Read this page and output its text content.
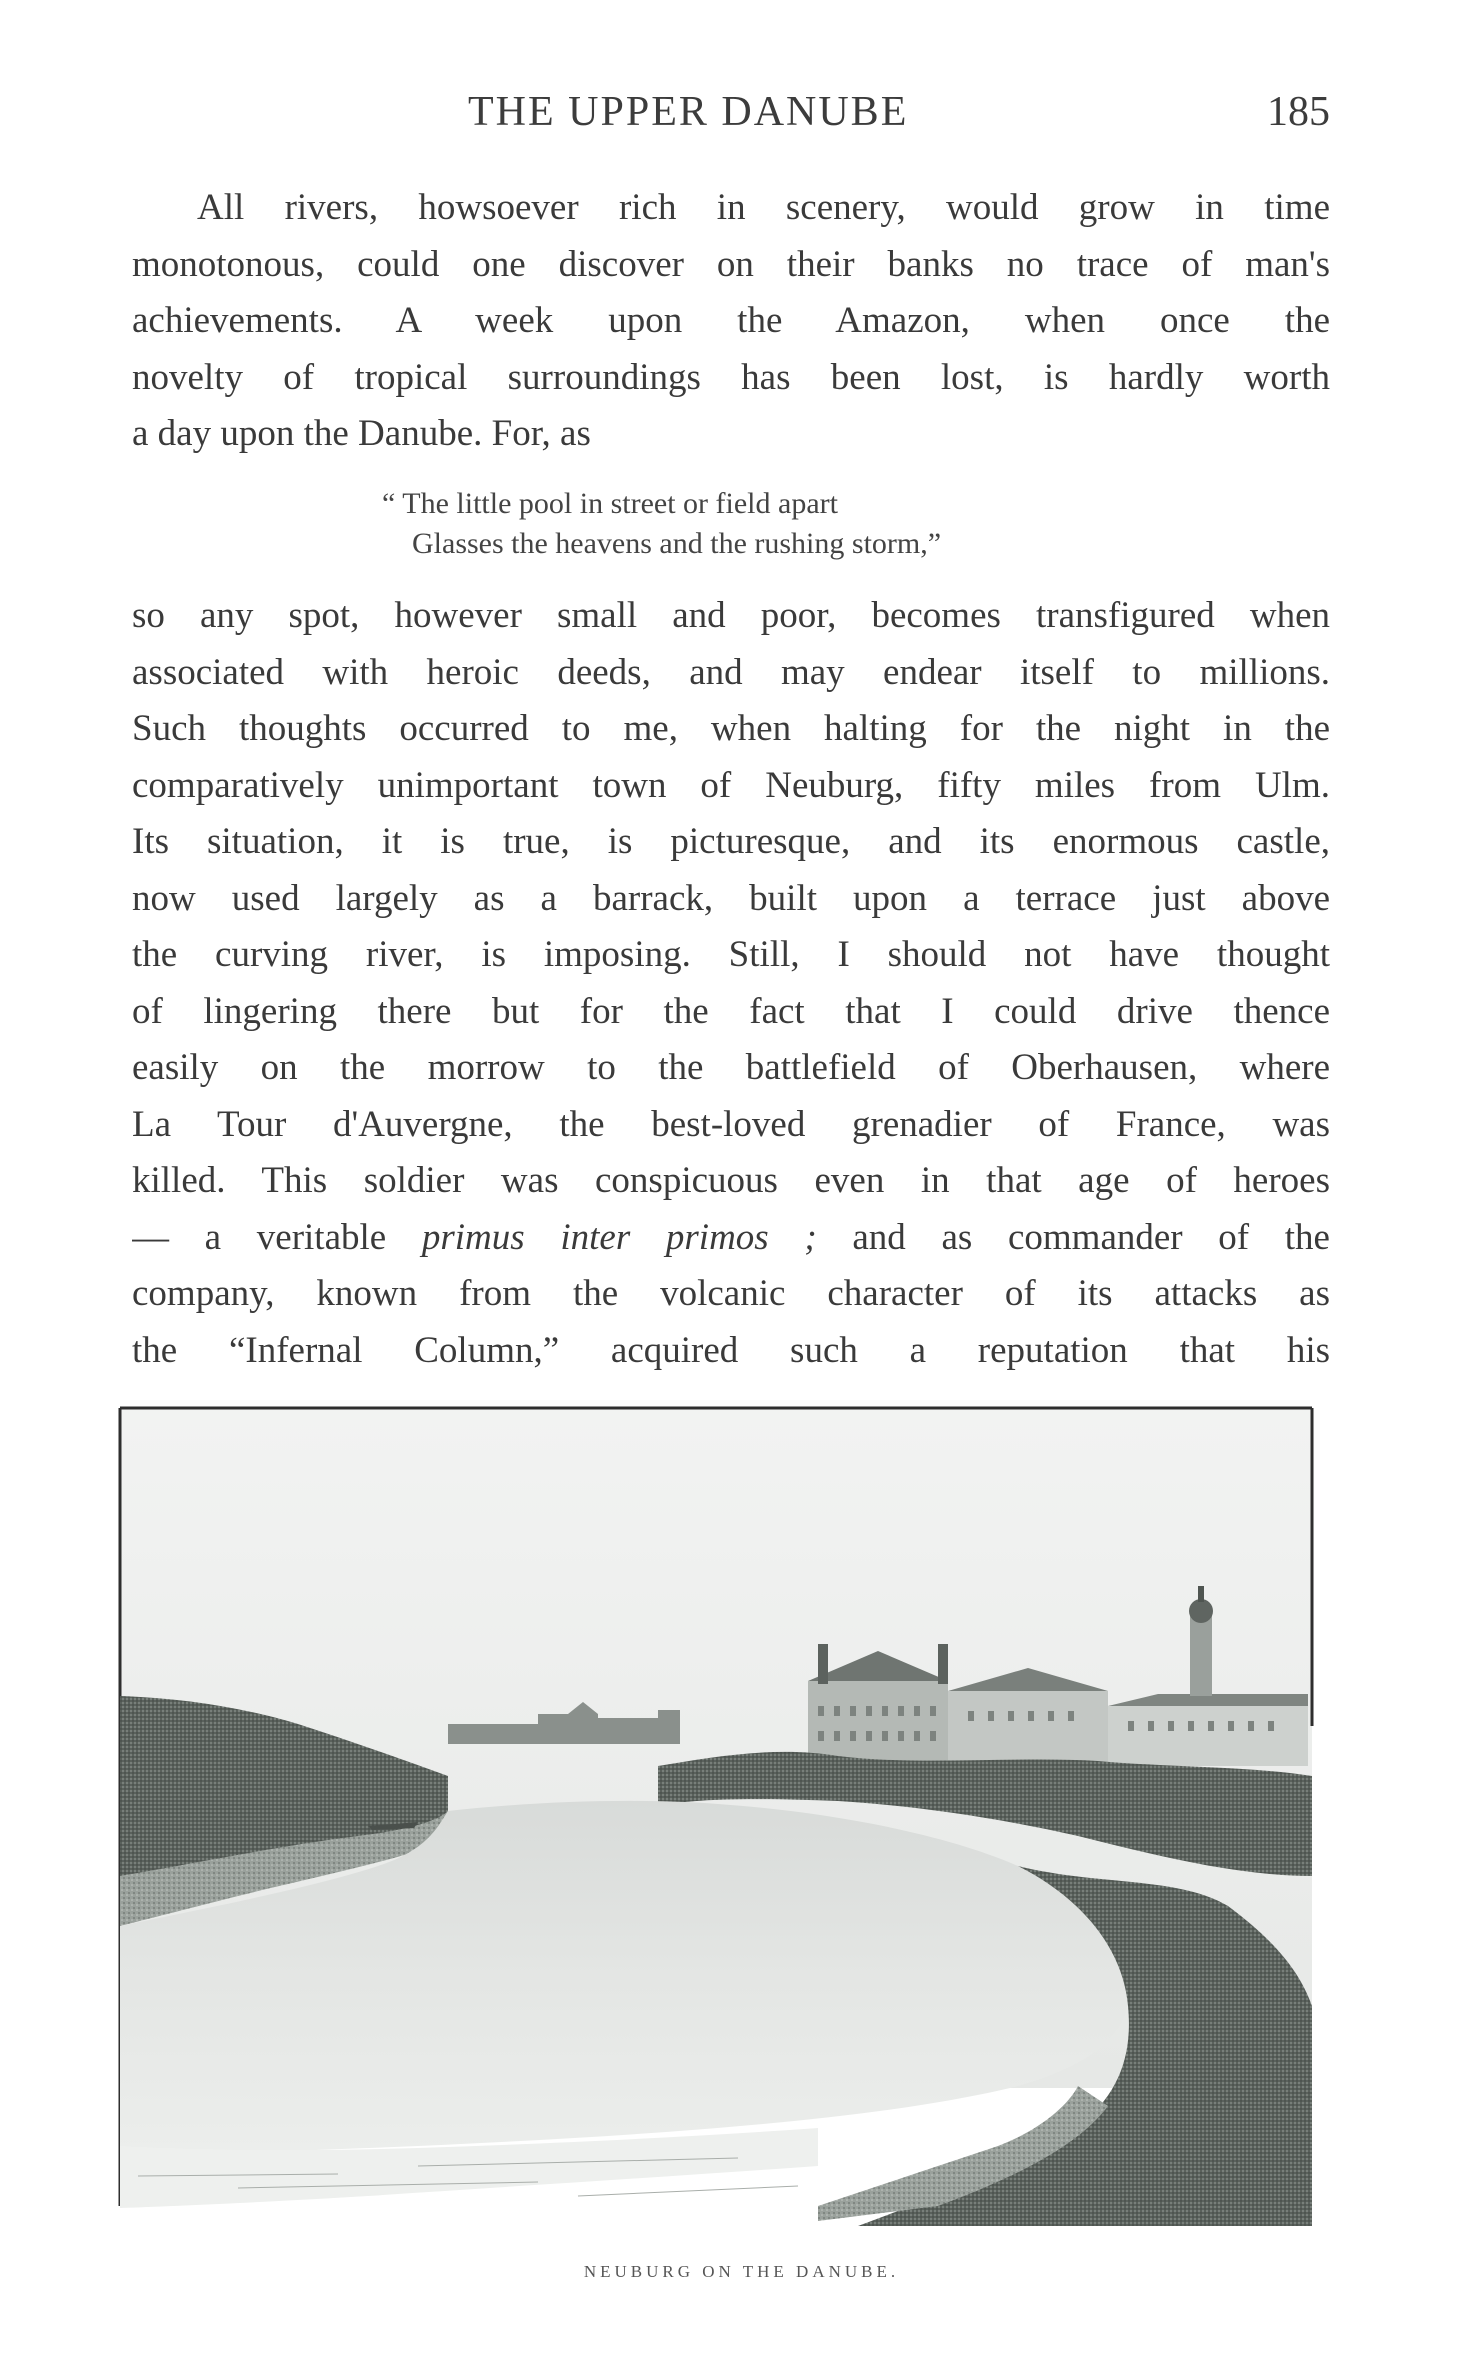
THE UPPER DANUBE	185
All rivers, howsoever rich in scenery, would grow in time
monotonous, could one discover on their banks no trace of man's
achievements. A week upon the Amazon, when once the
novelty of tropical surroundings has been lost, is hardly worth
a day upon the Danube. For, as
“ The little pool in street or field apart
Glasses the heavens and the rushing storm,”
so any spot, however small and poor, becomes transfigured when
associated with heroic deeds, and may endear itself to millions.
Such thoughts occurred to me, when halting for the night in the
comparatively unimportant town of Neuburg, fifty miles from Ulm.
Its situation, it is true, is picturesque, and its enormous castle,
now used largely as a barrack, built upon a terrace just above
the curving river, is imposing. Still, I should not have thought
of lingering there but for the fact that I could drive thence
easily on the morrow to the battlefield of Oberhausen, where
La Tour d'Auvergne, the best-loved grenadier of France, was
killed. This soldier was conspicuous even in that age of heroes
— a veritable primus inter primos ; and as commander of the
company, known from the volcanic character of its attacks as
the “Infernal Column,” acquired such a reputation that his
NEUBURG ON THE DANUBE.
